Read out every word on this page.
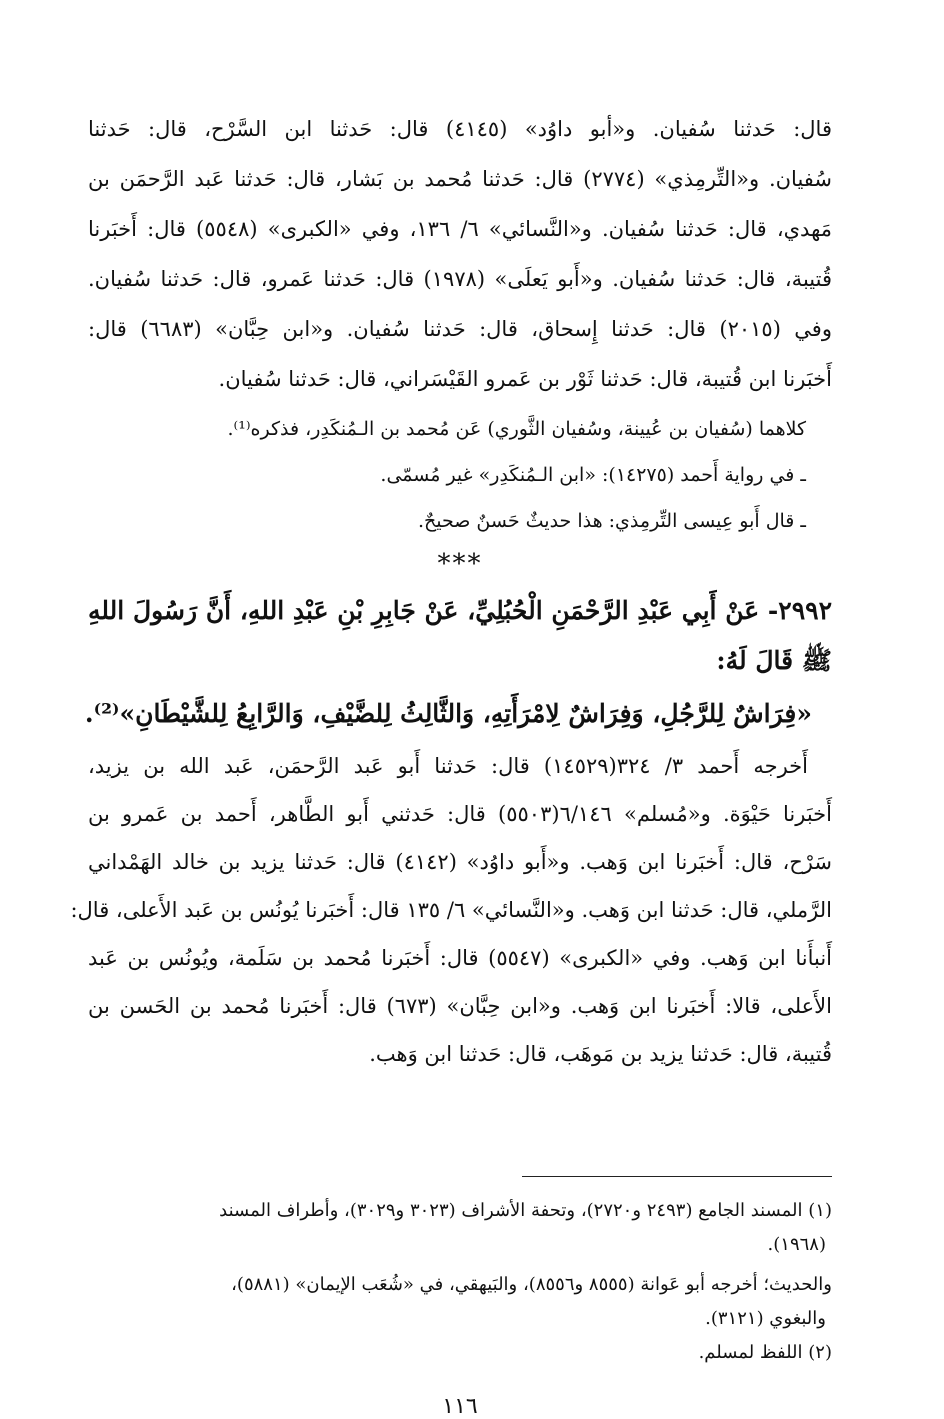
قال: حَدثنا سُفيان. و«أبو داوُد» (٤١٤٥) قال: حَدثنا ابن السَّرْح، قال: حَدثنا
سُفيان. و«التِّرمِذي» (٢٧٧٤) قال: حَدثنا مُحمد بن بَشار، قال: حَدثنا عَبد الرَّحمَن بن
مَهدي، قال: حَدثنا سُفيان. و«النَّسائي» ٦/ ١٣٦، وفي «الكبرى» (٥٥٤٨) قال: أَخبَرنا
قُتيبة، قال: حَدثنا سُفيان. و«أَبو يَعلَى» (١٩٧٨) قال: حَدثنا عَمرو، قال: حَدثنا سُفيان.
وفي (٢٠١٥) قال: حَدثنا إِسحاق، قال: حَدثنا سُفيان. و«ابن حِبَّان» (٦٦٨٣) قال:
أَخبَرنا ابن قُتيبة، قال: حَدثنا ثَوْر بن عَمرو القَيْسَراني، قال: حَدثنا سُفيان.
كلاهما (سُفيان بن عُيينة، وسُفيان الثَّوري) عَن مُحمد بن الـمُنكَدِر، فذكره⁽¹⁾.
ـ في رواية أَحمد (١٤٢٧٥): «ابن الـمُنكَدِر» غير مُسمّى.
ـ قال أَبو عِيسى التِّرمِذي: هذا حديثٌ حَسنٌ صحيحٌ.
***
٢٩٩٢- عَنْ أَبِي عَبْدِ الرَّحْمَنِ الْحُبُلِيِّ، عَنْ جَابِرِ بْنِ عَبْدِ اللهِ، أَنَّ رَسُولَ اللهِ
ﷺ قَالَ لَهُ:
«فِرَاشٌ لِلرَّجُلِ، وَفِرَاشٌ لِامْرَأَتِهِ، وَالثَّالِثُ لِلضَّيْفِ، وَالرَّابِعُ لِلشَّيْطَانِ»⁽²⁾.
أَخرجه أَحمد ٣/ ٣٢٤(١٤٥٢٩) قال: حَدثنا أَبو عَبد الرَّحمَن، عَبد الله بن يزيد،
أَخبَرنا حَيْوَة. و«مُسلم» ٦/١٤٦(٥٥٠٣) قال: حَدثني أَبو الطَّاهر، أَحمد بن عَمرو بن
سَرْح، قال: أَخبَرنا ابن وَهب. و«أَبو داوُد» (٤١٤٢) قال: حَدثنا يزيد بن خالد الهَمْداني
الرَّملي، قال: حَدثنا ابن وَهب. و«النَّسائي» ٦/ ١٣٥ قال: أَخبَرنا يُونُس بن عَبد الأَعلى، قال:
أَنبأَنا ابن وَهب. وفي «الكبرى» (٥٥٤٧) قال: أَخبَرنا مُحمد بن سَلَمة، ويُونُس بن عَبد
الأَعلى، قالا: أَخبَرنا ابن وَهب. و«ابن حِبَّان» (٦٧٣) قال: أَخبَرنا مُحمد بن الحَسن بن
قُتيبة، قال: حَدثنا يزيد بن مَوهَب، قال: حَدثنا ابن وَهب.
(١) المسند الجامع (٢٤٩٣ و٢٧٢٠)، وتحفة الأشراف (٣٠٢٣ و٣٠٢٩)، وأطراف المسند
(١٩٦٨).
والحديث؛ أخرجه أبو عَوانة (٨٥٥٥ و٨٥٥٦)، والبَيهقي، في «شُعَب الإيمان» (٥٨٨١)،
والبغوي (٣١٢١).
(٢) اللفظ لمسلم.
١١٦
